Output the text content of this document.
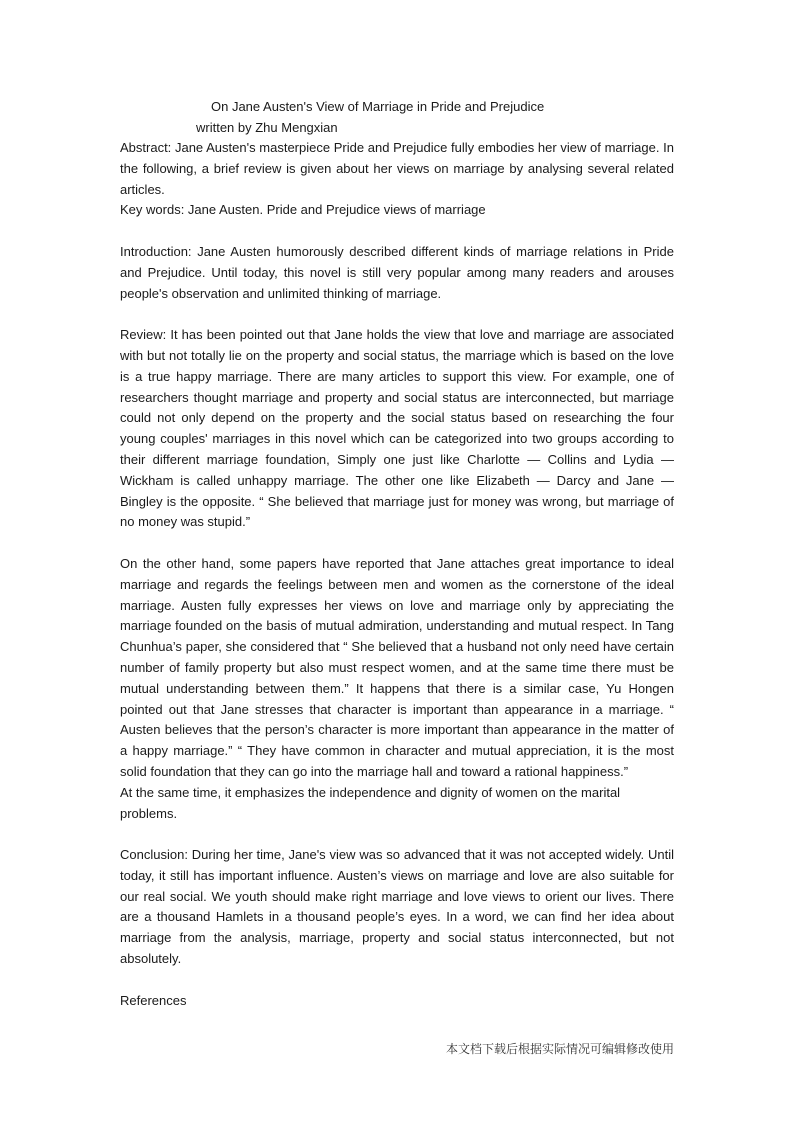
On Jane Austen's View of Marriage in Pride and Prejudice
written by Zhu Mengxian

Abstract: Jane Austen's masterpiece Pride and Prejudice fully embodies her view of marriage. In the following, a brief review is given about her views on marriage by analysing several related articles.

Key words: Jane Austen. Pride and Prejudice views of marriage

Introduction: Jane Austen humorously described different kinds of marriage relations in Pride and Prejudice. Until today, this novel is still very popular among many readers and arouses people's observation and unlimited thinking of marriage.

Review: It has been pointed out that Jane holds the view that love and marriage are associated with but not totally lie on the property and social status, the marriage which is based on the love is a true happy marriage. There are many articles to support this view. For example, one of researchers thought marriage and property and social status are interconnected, but marriage could not only depend on the property and the social status based on researching the four young couples' marriages in this novel which can be categorized into two groups according to their different marriage foundation, Simply one just like Charlotte — Collins and Lydia — Wickham is called unhappy marriage. The other one like Elizabeth — Darcy and Jane — Bingley is the opposite. “ She believed that marriage just for money was wrong, but marriage of no money was stupid.”

On the other hand, some papers have reported that Jane attaches great importance to ideal marriage and regards the feelings between men and women as the cornerstone of the ideal marriage. Austen fully expresses her views on love and marriage only by appreciating the marriage founded on the basis of mutual admiration, understanding and mutual respect. In Tang Chunhua’s paper, she considered that “ She believed that a husband not only need have certain number of family property but also must respect women, and at the same time there must be mutual understanding between them.” It happens that there is a similar case, Yu Hongen pointed out that Jane stresses that character is important than appearance in a marriage. “ Austen believes that the person’s character is more important than appearance in the matter of a happy marriage.” “ They have common in character and mutual appreciation, it is the most solid foundation that they can go into the marriage hall and toward a rational happiness.”

At the same time, it emphasizes the independence and dignity of women on the marital problems.

Conclusion: During her time, Jane's view was so advanced that it was not accepted widely. Until today, it still has important influence. Austen’s views on marriage and love are also suitable for our real social. We youth should make right marriage and love views to orient our lives. There are a thousand Hamlets in a thousand people’s eyes. In a word, we can find her idea about marriage from the analysis, marriage, property and social status interconnected, but not absolutely.

References

本文档下载后根据实际情况可编辑修改使用
